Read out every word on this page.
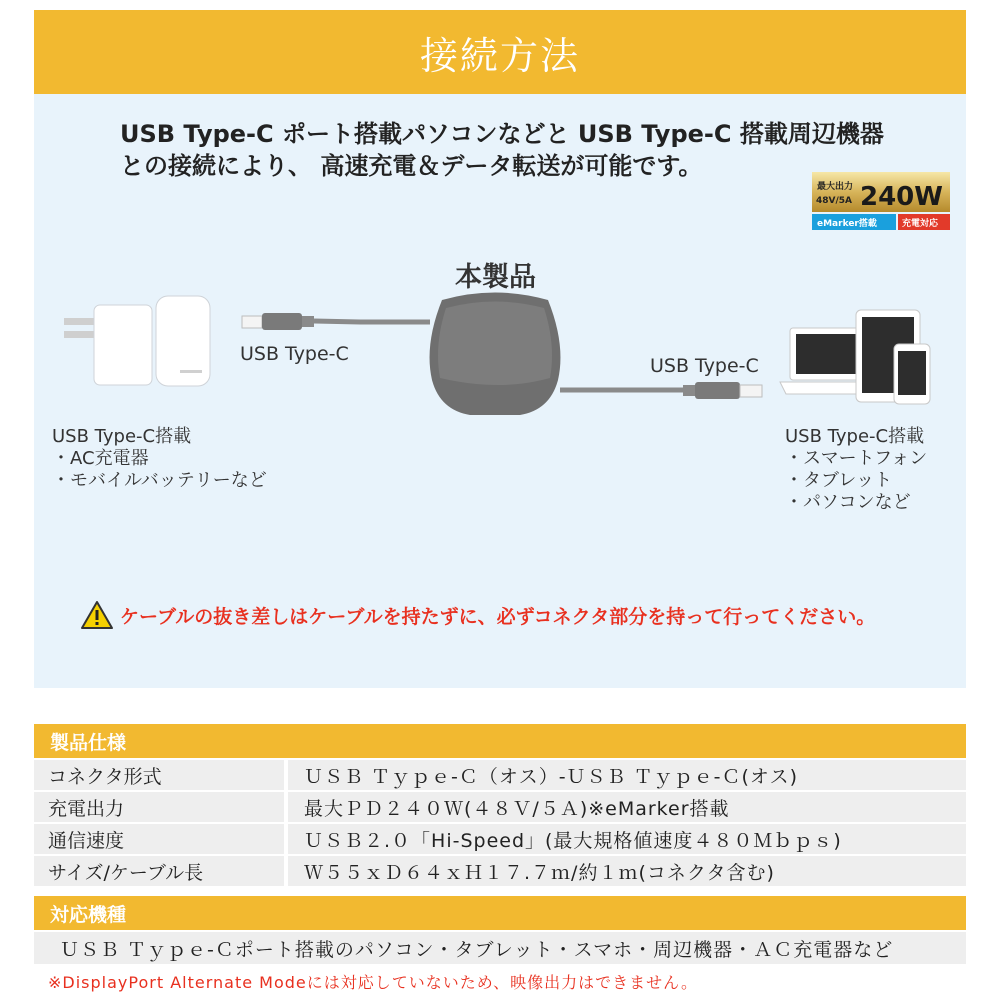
接続方法
USB Type-C ポート搭載パソコンなどと USB Type-C 搭載周辺機器
との接続により、 高速充電＆データ転送が可能です。
最大出力
48V/5A 240W
eMarker搭載	充電対応
本製品
USB Type-C
USB Type-C
USB Type-C搭載
・AC充電器
・モバイルバッテリーなど
USB Type-C搭載
・スマートフォン
・タブレット
・パソコンなど
ケーブルの抜き差しはケーブルを持たずに、必ずコネクタ部分を持って行ってください。
製品仕様
コネクタ形式	ＵＳＢ Ｔｙｐｅ-Ｃ（オス）-ＵＳＢ Ｔｙｐｅ-Ｃ(オス)
充電出力	最大ＰＤ２４０Ｗ(４８Ｖ/５Ａ)※eMarker搭載
通信速度	ＵＳＢ２.０「Hi-Speed」(最大規格値速度４８０Ｍｂｐｓ)
サイズ/ケーブル長	Ｗ５５ｘＤ６４ｘＨ１７.７ｍ/約１ｍ(コネクタ含む)
対応機種
ＵＳＢ Ｔｙｐｅ-Ｃポート搭載のパソコン・タブレット・スマホ・周辺機器・ＡＣ充電器など
※DisplayPort Alternate Modeには対応していないため、映像出力はできません。
